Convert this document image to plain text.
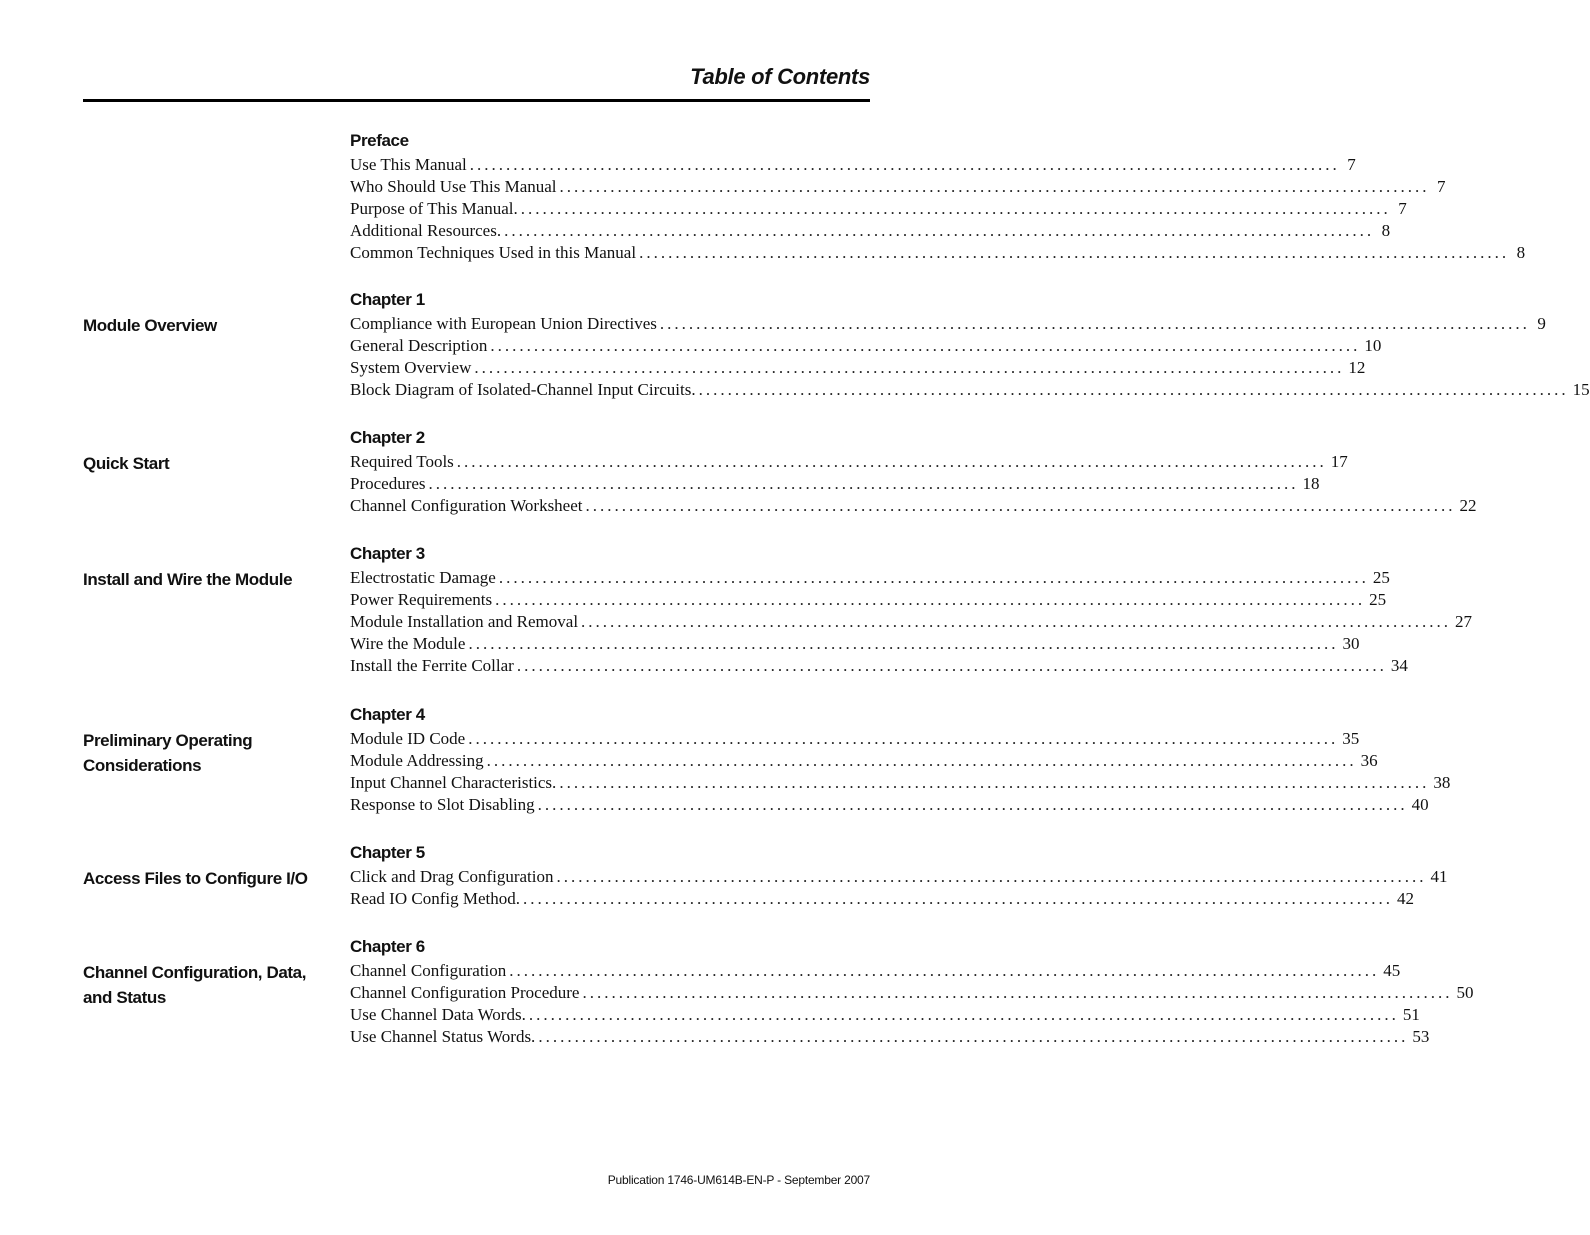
Table of Contents
Preface
Use This Manual ........................................................................................................................ 7
Who Should Use This Manual ........................................................................................................................ 7
Purpose of This Manual. ........................................................................................................................ 7
Additional Resources. ........................................................................................................................ 8
Common Techniques Used in this Manual ........................................................................................................................ 8
Chapter 1
Module Overview	Compliance with European Union Directives ........................................................................................................................ 9
General Description ........................................................................................................................ 10
System Overview ........................................................................................................................ 12
Block Diagram of Isolated-Channel Input Circuits. ........................................................................................................................ 15
Chapter 2
Quick Start	Required Tools ........................................................................................................................ 17
Procedures ........................................................................................................................ 18
Channel Configuration Worksheet ........................................................................................................................ 22
Chapter 3
Install and Wire the Module	Electrostatic Damage ........................................................................................................................ 25
Power Requirements ........................................................................................................................ 25
Module Installation and Removal ........................................................................................................................ 27
Wire the Module ........................................................................................................................ 30
Install the Ferrite Collar ........................................................................................................................ 34
Chapter 4
Preliminary Operating Considerations
Module ID Code ........................................................................................................................ 35
Module Addressing ........................................................................................................................ 36
Input Channel Characteristics. ........................................................................................................................ 38
Response to Slot Disabling ........................................................................................................................ 40
Chapter 5
Access Files to Configure I/O	Click and Drag Configuration ........................................................................................................................ 41
Read IO Config Method. ........................................................................................................................ 42
Chapter 6
Channel Configuration, Data, and Status
Channel Configuration ........................................................................................................................ 45
Channel Configuration Procedure ........................................................................................................................ 50
Use Channel Data Words. ........................................................................................................................ 51
Use Channel Status Words. ........................................................................................................................ 53
Publication 1746-UM614B-EN-P - September 2007
